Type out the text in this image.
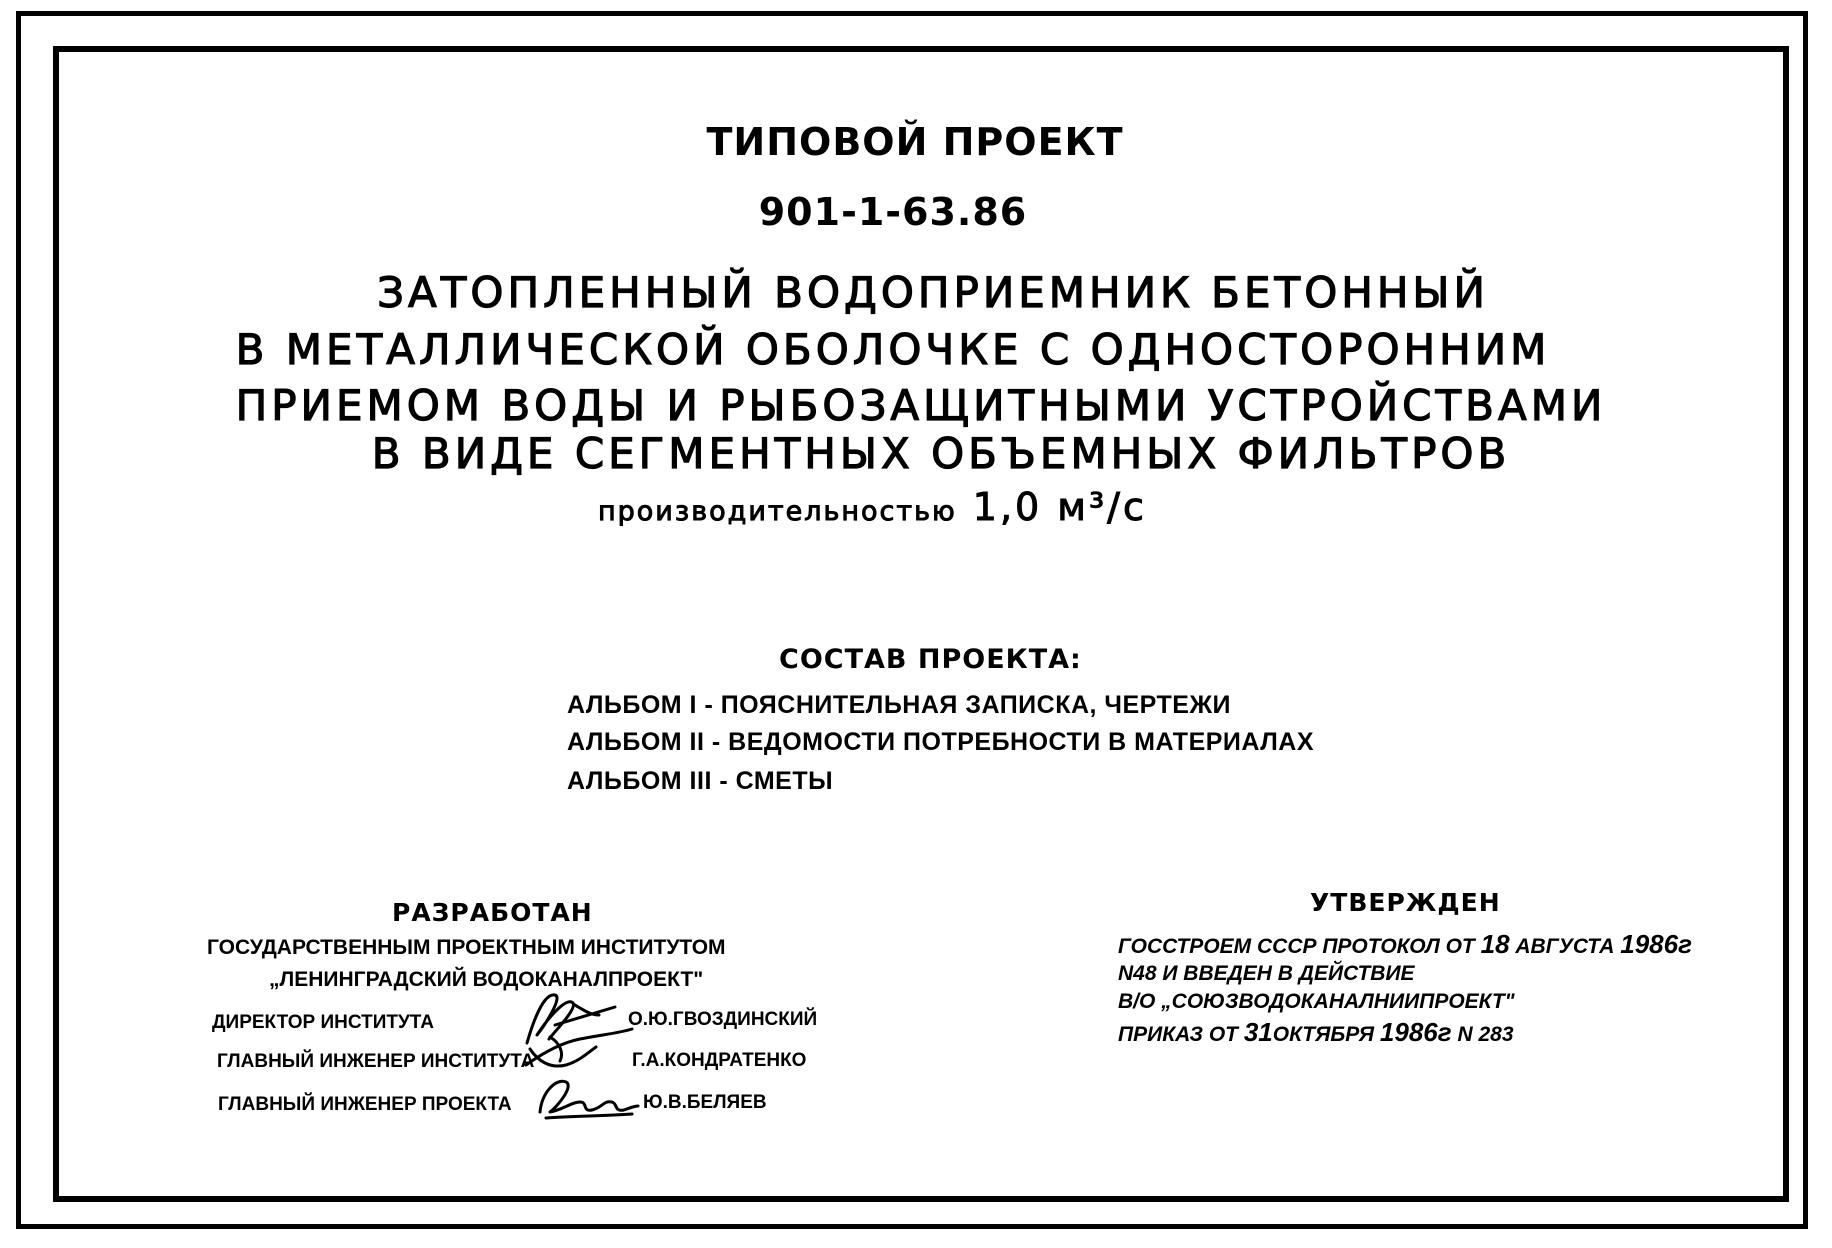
ТИПОВОЙ ПРОЕКТ
901-1-63.86
ЗАТОПЛЕННЫЙ ВОДОПРИЕМНИК БЕТОННЫЙ
В МЕТАЛЛИЧЕСКОЙ ОБОЛОЧКЕ С ОДНОСТОРОННИМ
ПРИЕМОМ ВОДЫ И РЫБОЗАЩИТНЫМИ УСТРОЙСТВАМИ
В ВИДЕ СЕГМЕНТНЫХ ОБЪЕМНЫХ ФИЛЬТРОВ
производительностью 1,0 м³/с
СОСТАВ ПРОЕКТА:
АЛЬБОМ I - ПОЯСНИТЕЛЬНАЯ ЗАПИСКА, ЧЕРТЕЖИ
АЛЬБОМ II - ВЕДОМОСТИ ПОТРЕБНОСТИ В МАТЕРИАЛАХ
АЛЬБОМ III - СМЕТЫ
РАЗРАБОТАН
ГОСУДАРСТВЕННЫМ ПРОЕКТНЫМ ИНСТИТУТОМ
„ЛЕНИНГРАДСКИЙ ВОДОКАНАЛПРОЕКТ"
ДИРЕКТОР ИНСТИТУТА	О.Ю.ГВОЗДИНСКИЙ
ГЛАВНЫЙ ИНЖЕНЕР ИНСТИТУТА	Г.А.КОНДРАТЕНКО
ГЛАВНЫЙ ИНЖЕНЕР ПРОЕКТА	Ю.В.БЕЛЯЕВ
УТВЕРЖДЕН
ГОССТРОЕМ СССР ПРОТОКОЛ ОТ 18 АВГУСТА 1986г
N48 И ВВЕДЕН В ДЕЙСТВИЕ
В/О „СОЮЗВОДОКАНАЛНИИПРОЕКТ"
ПРИКАЗ ОТ 31ОКТЯБРЯ 1986г N 283
